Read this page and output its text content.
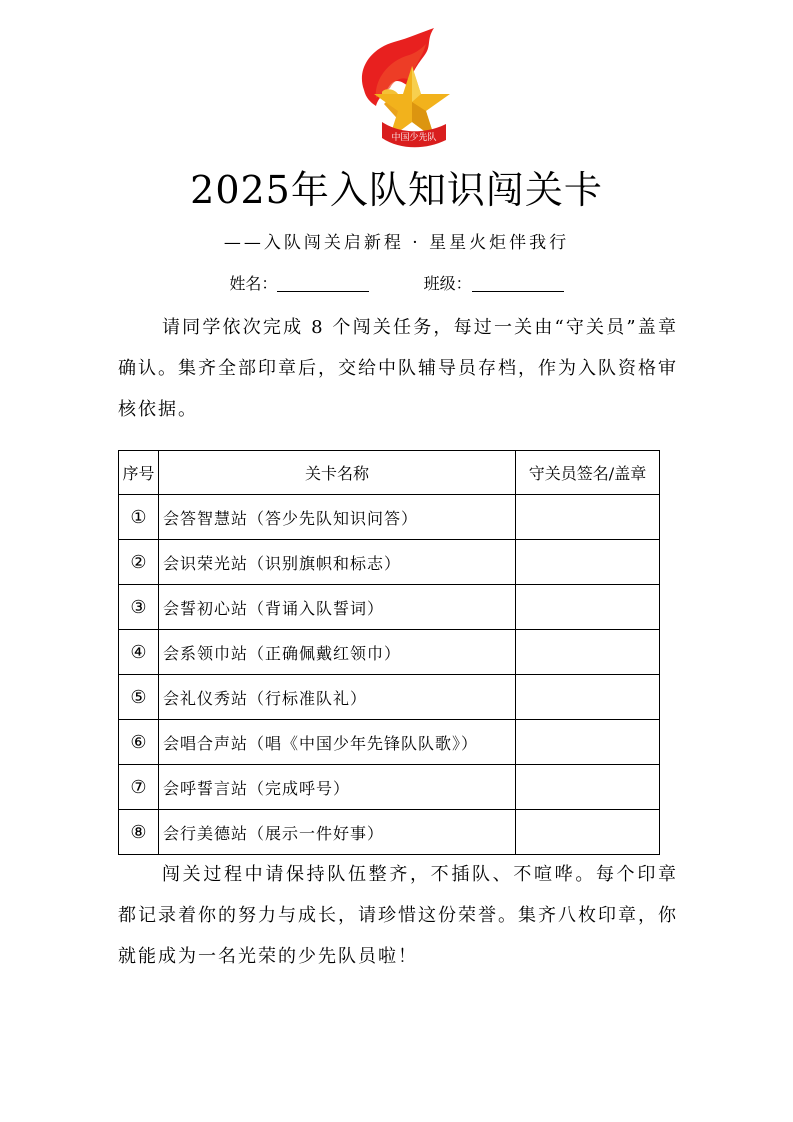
中国少先队
2025年入队知识闯关卡
——入队闯关启新程 · 星星火炬伴我行
姓名：	班级：
请同学依次完成 8 个闯关任务，每过一关由“守关员”盖章确认。集齐全部印章后，交给中队辅导员存档，作为入队资格审核依据。
序号	关卡名称	守关员签名/盖章
①	会答智慧站（答少先队知识问答）	
②	会识荣光站（识别旗帜和标志）	
③	会誓初心站（背诵入队誓词）	
④	会系领巾站（正确佩戴红领巾）	
⑤	会礼仪秀站（行标准队礼）	
⑥	会唱合声站（唱《中国少年先锋队队歌》）	
⑦	会呼誓言站（完成呼号）	
⑧	会行美德站（展示一件好事）	
闯关过程中请保持队伍整齐，不插队、不喧哗。每个印章都记录着你的努力与成长，请珍惜这份荣誉。集齐八枚印章，你就能成为一名光荣的少先队员啦！
